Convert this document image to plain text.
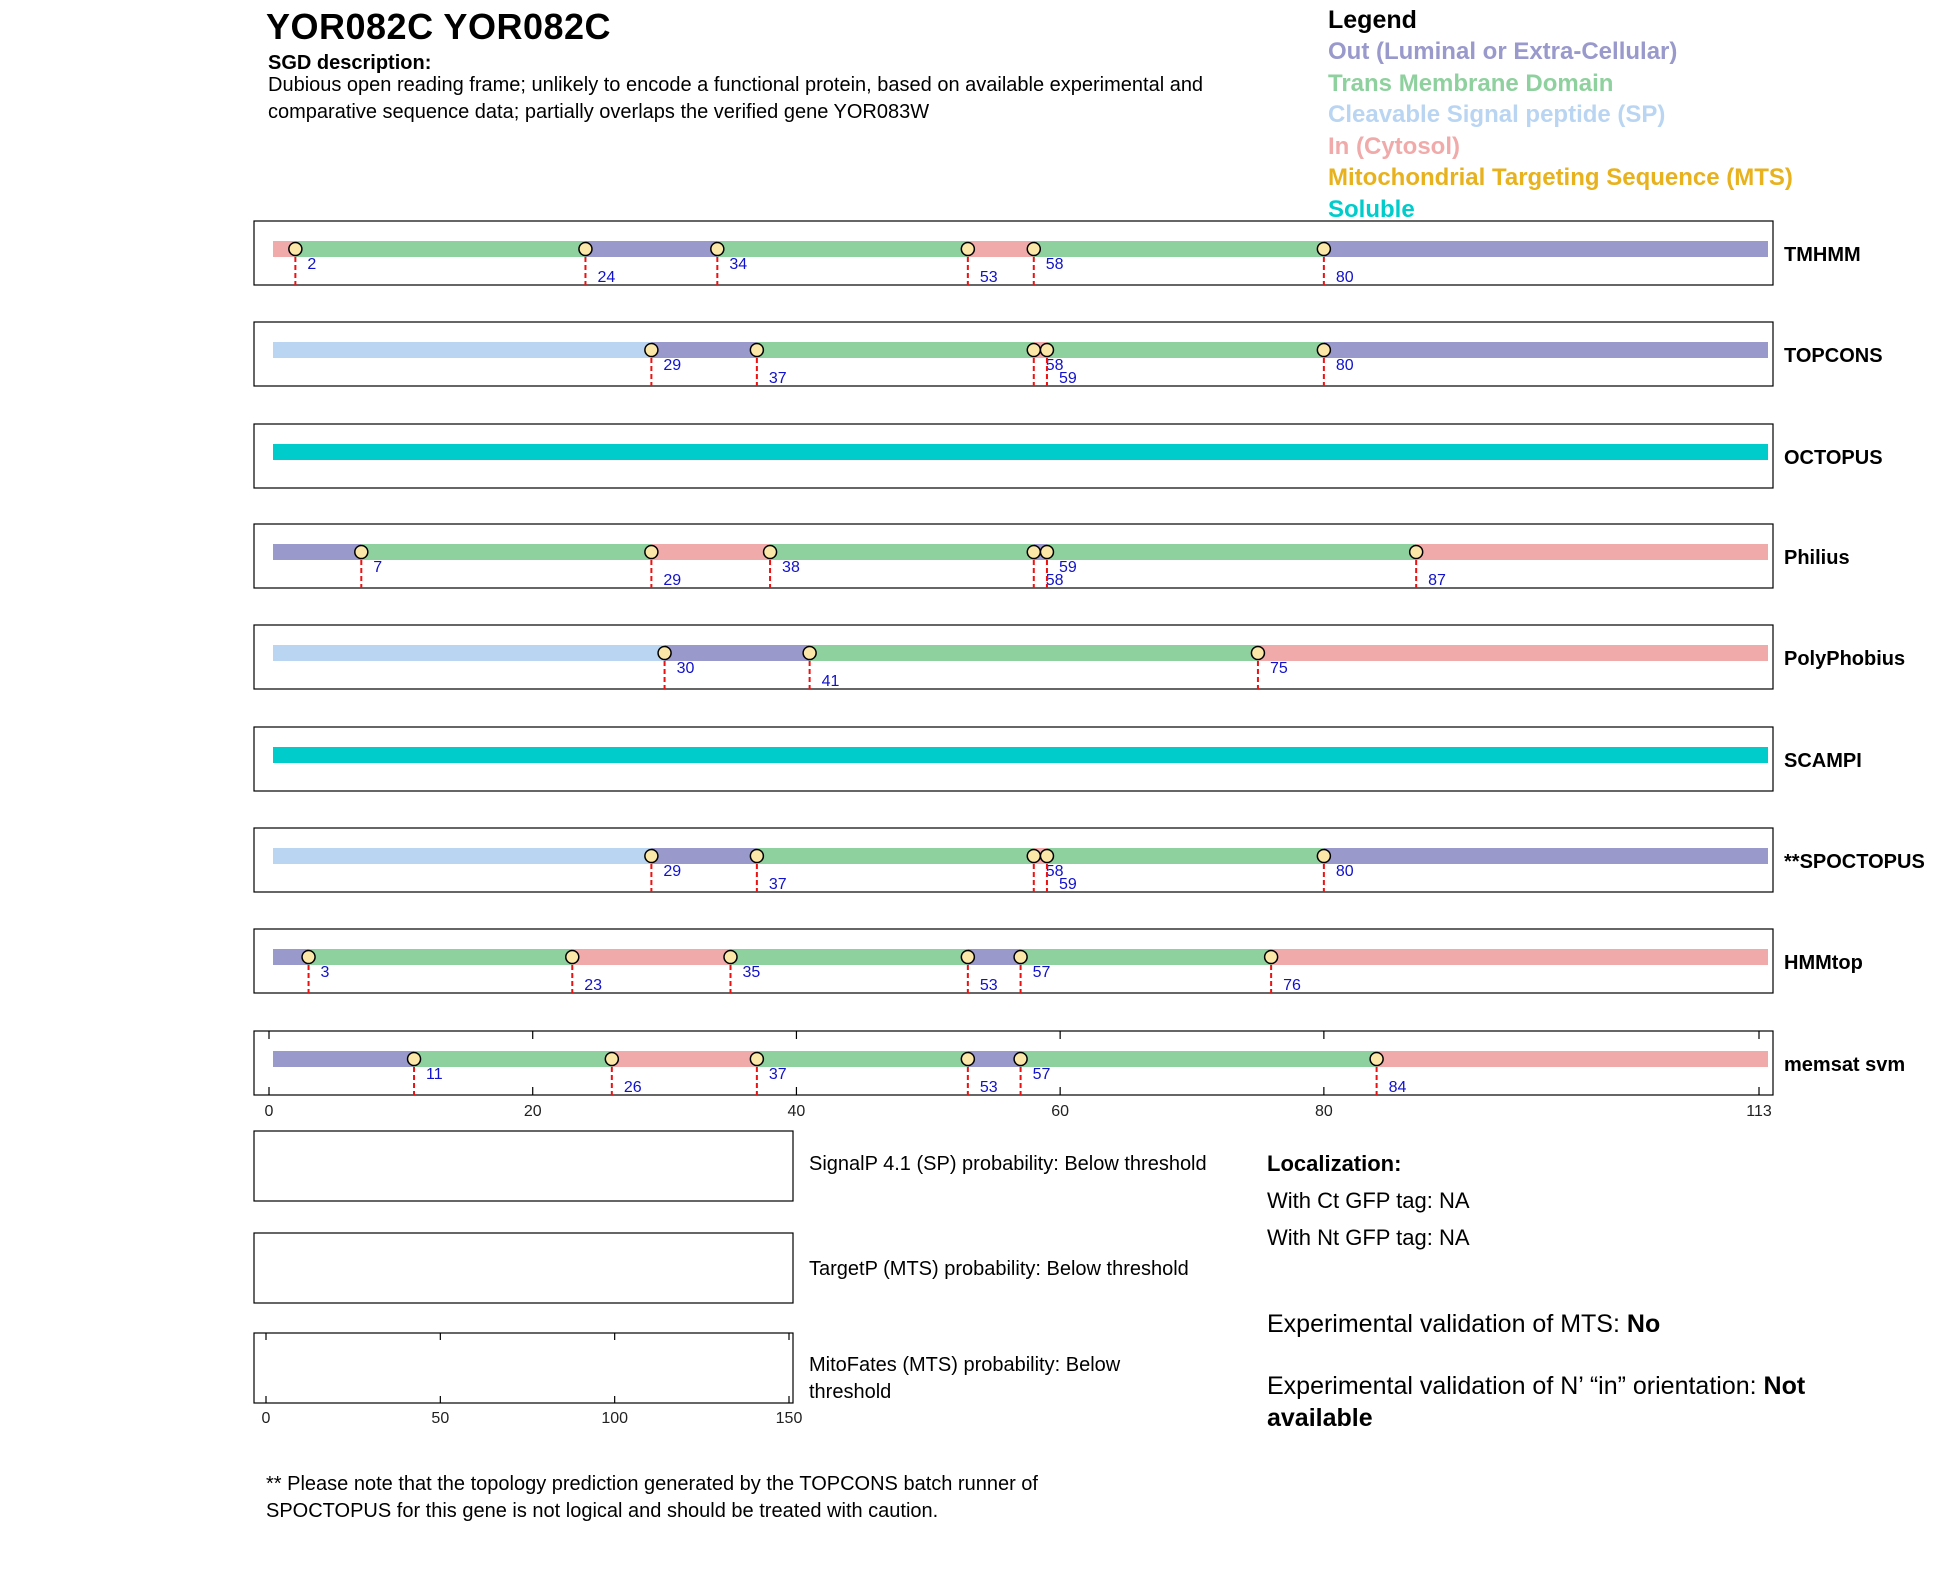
YOR082C YOR082C
SGD description:
Dubious open reading frame; unlikely to encode a functional protein, based on available experimental and comparative sequence data; partially overlaps the verified gene YOR083W
Legend
Out (Luminal or Extra-Cellular)
Trans Membrane Domain
Cleavable Signal peptide (SP)
In (Cytosol)
Mitochondrial Targeting Sequence (MTS)
Soluble
2
24
34
53
58
80
TMHMM
29
37
58
59
80	TOPCONS
OCTOPUS
7
29
38
58
59
87
Philius
30
41
75	PolyPhobius
SCAMPI
29
37
58
59
80	**SPOCTOPUS
3
23
35
53
57
76
HMMtop
11
26
37
53
57
84
memsat svm
0	20	40	60	80	113
0	50	100	150
SignalP 4.1 (SP) probability: Below threshold
TargetP (MTS) probability: Below threshold
MitoFates (MTS) probability: Below threshold
Localization:
With Ct GFP tag: NA
With Nt GFP tag: NA
Experimental validation of MTS: No
Experimental validation of N’ “in” orientation: Not available
** Please note that the topology prediction generated by the TOPCONS batch runner of SPOCTOPUS for this gene is not logical and should be treated with caution.
